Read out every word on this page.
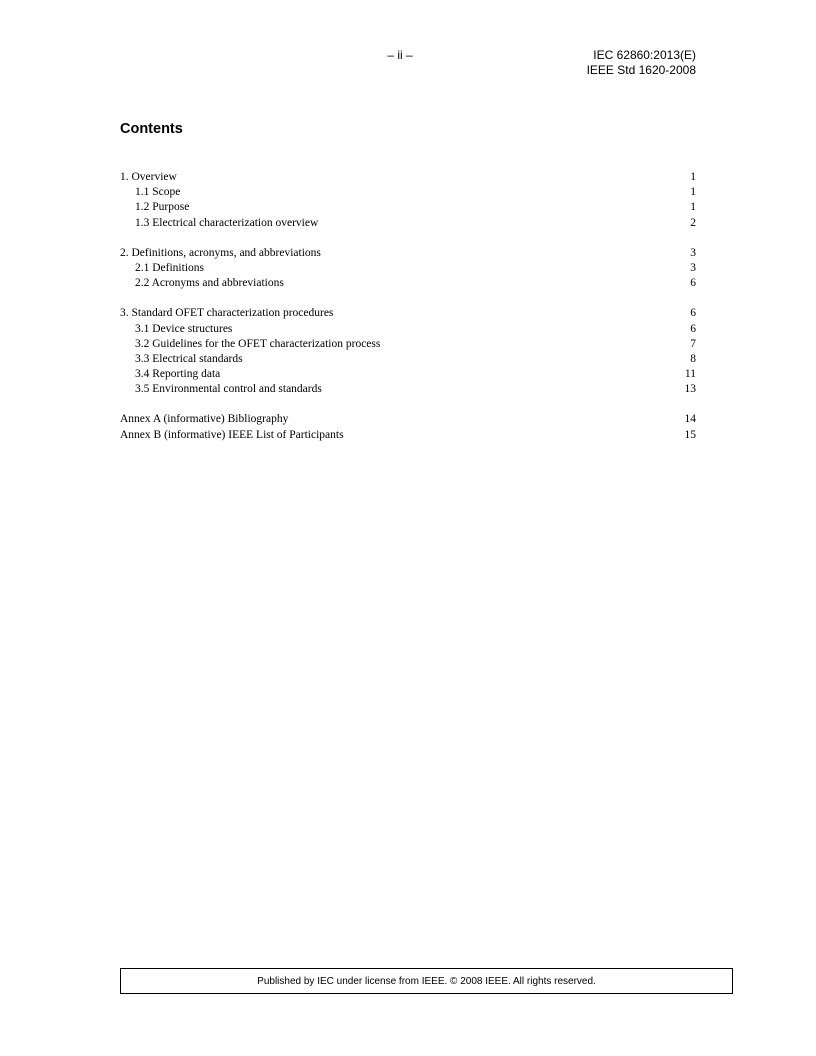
– ii –	IEC 62860:2013(E)
IEEE Std 1620-2008
Contents
1. Overview	1
1.1 Scope	1
1.2 Purpose	1
1.3 Electrical characterization overview	2
2. Definitions, acronyms, and abbreviations	3
2.1 Definitions	3
2.2 Acronyms and abbreviations	6
3. Standard OFET characterization procedures	6
3.1 Device structures	6
3.2 Guidelines for the OFET characterization process	7
3.3 Electrical standards	8
3.4 Reporting data	11
3.5 Environmental control and standards	13
Annex A (informative) Bibliography	14
Annex B (informative) IEEE List of Participants	15
Published by IEC under license from IEEE. © 2008 IEEE. All rights reserved.
